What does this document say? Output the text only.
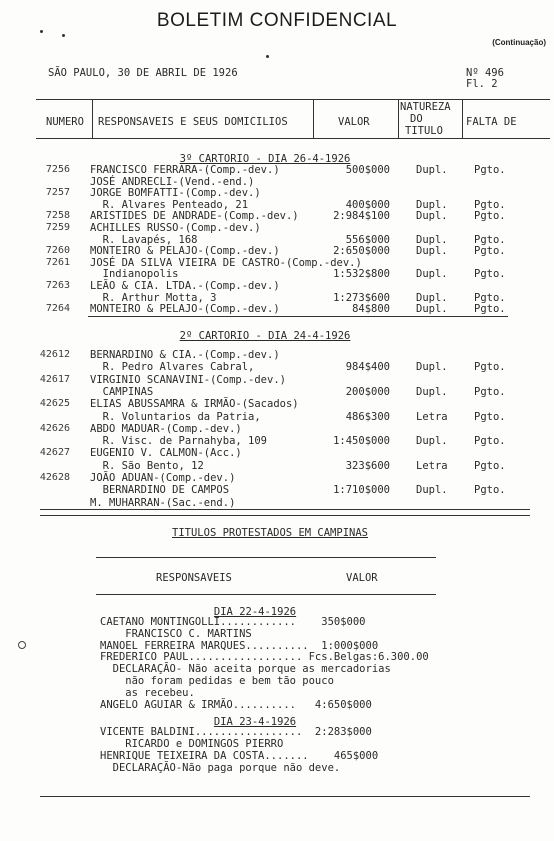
BOLETIM CONFIDENCIAL
(Continuação)
SÃO PAULO, 30 DE ABRIL DE 1926	Nº 496
Fl. 2
NUMERO RESPONSAVEIS E SEUS DOMICILIOS	VALOR
NATUREZA
DO
TITULO
FALTA DE
3º CARTORIO - DIA 26-4-1926
7256 FRANCISCO FERRARA-(Comp.-dev.)	500$000 Dupl.	Pgto.
JOSÉ ANDRECLI-(Vend.-end.)
7257 JORGE BOMFATTI-(Comp.-dev.)
R. Alvares Penteado, 21	400$000 Dupl.	Pgto.
7258 ARISTIDES DE ANDRADE-(Comp.-dev.)	2:984$100 Dupl.	Pgto.
7259 ACHILLES RUSSO-(Comp.-dev.)
R. Lavapés, 168	556$000 Dupl.	Pgto.
7260 MONTEIRO & PELAJO-(Comp.-dev.)	2:650$000 Dupl.	Pgto.
7261 JOSÉ DA SILVA VIEIRA DE CASTRO-(Comp.-dev.)
Indianopolis	1:532$800 Dupl.	Pgto.
7263 LEÃO & CIA. LTDA.-(Comp.-dev.)
R. Arthur Motta, 3	1:273$600 Dupl.	Pgto.
7264 MONTEIRO & PELAJO-(Comp.-dev.)	84$800 Dupl.	Pgto.
2º CARTORIO - DIA 24-4-1926
42612 BERNARDINO & CIA.-(Comp.-dev.)
R. Pedro Alvares Cabral,	984$400 Dupl.	Pgto.
42617 VIRGINIO SCANAVINI-(Comp.-dev.)
CAMPINAS	200$000 Dupl.	Pgto.
42625 ELIAS ABUSSAMRA & IRMÃO-(Sacados)
R. Voluntarios da Patria,	486$300 Letra	Pgto.
42626 ABDO MADUAR-(Comp.-dev.)
R. Visc. de Parnahyba, 109	1:450$000 Dupl.	Pgto.
42627 EUGENIO V. CALMON-(Acc.)
R. São Bento, 12	323$600 Letra	Pgto.
42628 JOÃO ADUAN-(Comp.-dev.)
BERNARDINO DE CAMPOS	1:710$000 Dupl.	Pgto.
M. MUHARRAN-(Sac.-end.)
TITULOS PROTESTADOS EM CAMPINAS
RESPONSAVEIS	VALOR
DIA 22-4-1926
CAETANO MONTINGOLLI............    350$000
FRANCISCO C. MARTINS
MANOEL FERREIRA MARQUES..........  1:000$000
FREDERICO PAUL.................. Fcs.Belgas:6.300.00
DECLARAÇÃO- Não aceita porque as mercadorias
não foram pedidas e bem tão pouco
as recebeu.
ANGELO AGUIAR & IRMÃO..........   4:650$000
DIA 23-4-1926
VICENTE BALDINI.................  2:283$000
RICARDO e DOMINGOS PIERRO
HENRIQUE TEIXEIRA DA COSTA.......    465$000
DECLARAÇÃO-Não paga porque não deve.
